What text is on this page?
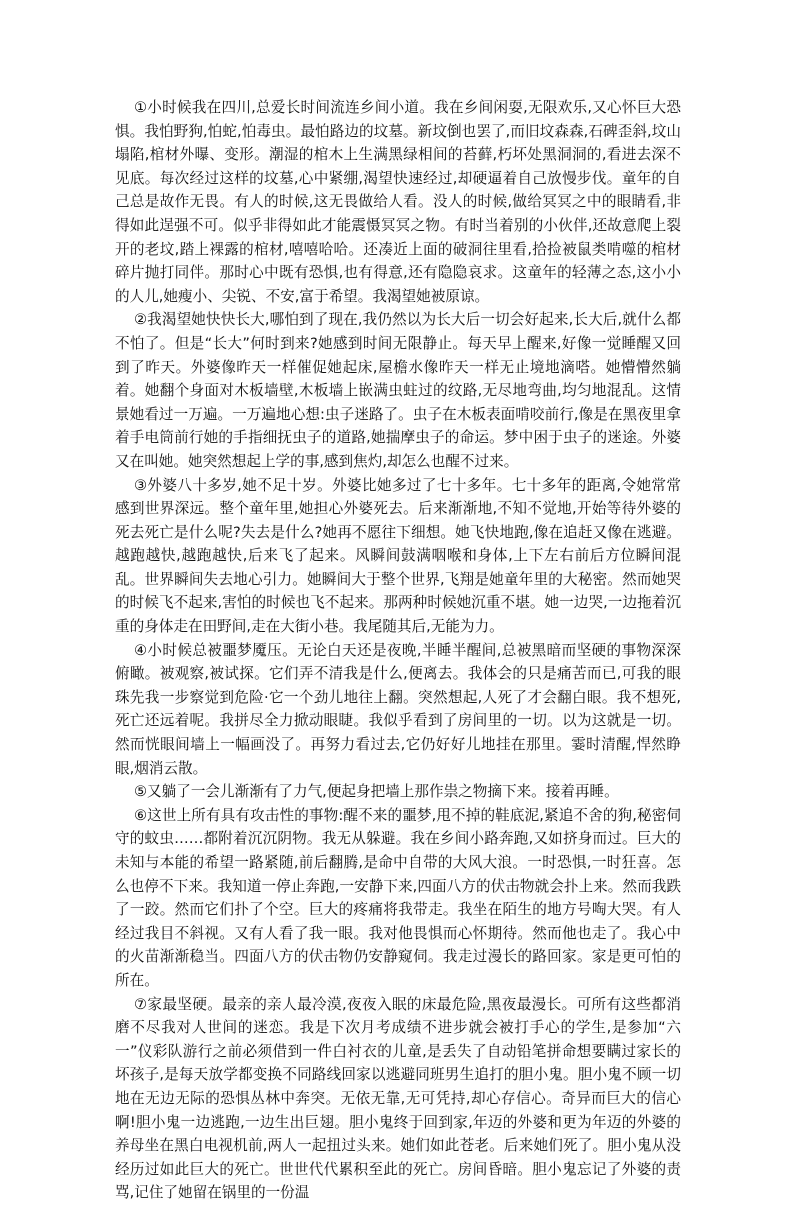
①小时候我在四川,总爱长时间流连乡间小道。我在乡间闲耍,无限欢乐,又心怀巨大恐惧。我怕野狗,怕蛇,怕毒虫。最怕路边的坟墓。新坟倒也罢了,而旧坟森森,石碑歪斜,坟山塌陷,棺材外曝、变形。潮湿的棺木上生满黑绿相间的苔藓,朽坏处黑洞洞的,看进去深不见底。每次经过这样的坟墓,心中紧绷,渴望快速经过,却硬逼着自己放慢步伐。童年的自己总是故作无畏。有人的时候,这无畏做给人看。没人的时候,做给冥冥之中的眼睛看,非得如此逞强不可。似乎非得如此才能震慑冥冥之物。有时当着别的小伙伴,还故意爬上裂开的老坟,踏上裸露的棺材,嘻嘻哈哈。还凑近上面的破洞往里看,拾捡被鼠类啃噬的棺材碎片抛打同伴。那时心中既有恐惧,也有得意,还有隐隐哀求。这童年的轻薄之态,这小小的人儿,她瘦小、尖锐、不安,富于希望。我渴望她被原谅。

②我渴望她快快长大,哪怕到了现在,我仍然以为长大后一切会好起来,长大后,就什么都不怕了。但是“长大”何时到来?她感到时间无限静止。每天早上醒来,好像一觉睡醒又回到了昨天。外婆像昨天一样催促她起床,屋檐水像昨天一样无止境地滴嗒。她懵懵然躺着。她翻个身面对木板墙壁,木板墙上嵌满虫蛀过的纹路,无尽地弯曲,均匀地混乱。这情景她看过一万遍。一万遍地心想:虫子迷路了。虫子在木板表面啃咬前行,像是在黑夜里拿着手电筒前行她的手指细抚虫子的道路,她揣摩虫子的命运。梦中困于虫子的迷途。外婆又在叫她。她突然想起上学的事,感到焦灼,却怎么也醒不过来。

③外婆八十多岁,她不足十岁。外婆比她多过了七十多年。七十多年的距离,令她常常感到世界深远。整个童年里,她担心外婆死去。后来渐渐地,不知不觉地,开始等待外婆的死去死亡是什么呢?失去是什么?她再不愿往下细想。她飞快地跑,像在追赶又像在逃避。越跑越快,越跑越快,后来飞了起来。风瞬间鼓满咽喉和身体,上下左右前后方位瞬间混乱。世界瞬间失去地心引力。她瞬间大于整个世界,飞翔是她童年里的大秘密。然而她哭的时候飞不起来,害怕的时候也飞不起来。那两种时候她沉重不堪。她一边哭,一边拖着沉重的身体走在田野间,走在大街小巷。我尾随其后,无能为力。

④小时候总被噩梦魇压。无论白天还是夜晚,半睡半醒间,总被黑暗而坚硬的事物深深俯瞰。被观察,被试探。它们弄不清我是什么,便离去。我体会的只是痛苦而已,可我的眼珠先我一步察觉到危险·它一个劲儿地往上翻。突然想起,人死了才会翻白眼。我不想死,死亡还远着呢。我拼尽全力掀动眼睫。我似乎看到了房间里的一切。以为这就是一切。然而恍眼间墙上一幅画没了。再努力看过去,它仍好好儿地挂在那里。霎时清醒,悍然睁眼,烟消云散。

⑤又躺了一会儿渐渐有了力气,便起身把墙上那作祟之物摘下来。接着再睡。

⑥这世上所有具有攻击性的事物:醒不来的噩梦,甩不掉的鞋底泥,紧追不舍的狗,秘密伺守的蚊虫……都附着沉沉阴物。我无从躲避。我在乡间小路奔跑,又如挤身而过。巨大的未知与本能的希望一路紧随,前后翻腾,是命中自带的大风大浪。一时恐惧,一时狂喜。怎么也停不下来。我知道一停止奔跑,一安静下来,四面八方的伏击物就会扑上来。然而我跌了一跤。然而它们扑了个空。巨大的疼痛将我带走。我坐在陌生的地方号啕大哭。有人经过我目不斜视。又有人看了我一眼。我对他畏惧而心怀期待。然而他也走了。我心中的火苗渐渐稳当。四面八方的伏击物仍安静窥伺。我走过漫长的路回家。家是更可怕的所在。

⑦家最坚硬。最亲的亲人最冷漠,夜夜入眠的床最危险,黑夜最漫长。可所有这些都消磨不尽我对人世间的迷恋。我是下次月考成绩不进步就会被打手心的学生,是参加“六一”仪彩队游行之前必须借到一件白衬衣的儿童,是丢失了自动铅笔拼命想要瞒过家长的坏孩子,是每天放学都变换不同路线回家以逃避同班男生追打的胆小鬼。胆小鬼不顾一切地在无边无际的恐惧丛林中奔突。无依无靠,无可凭持,却心存信心。奇异而巨大的信心啊!胆小鬼一边逃跑,一边生出巨翅。胆小鬼终于回到家,年迈的外婆和更为年迈的外婆的养母坐在黑白电视机前,两人一起扭过头来。她们如此苍老。后来她们死了。胆小鬼从没经历过如此巨大的死亡。世世代代累积至此的死亡。房间昏暗。胆小鬼忘记了外婆的责骂,记住了她留在锅里的一份温
